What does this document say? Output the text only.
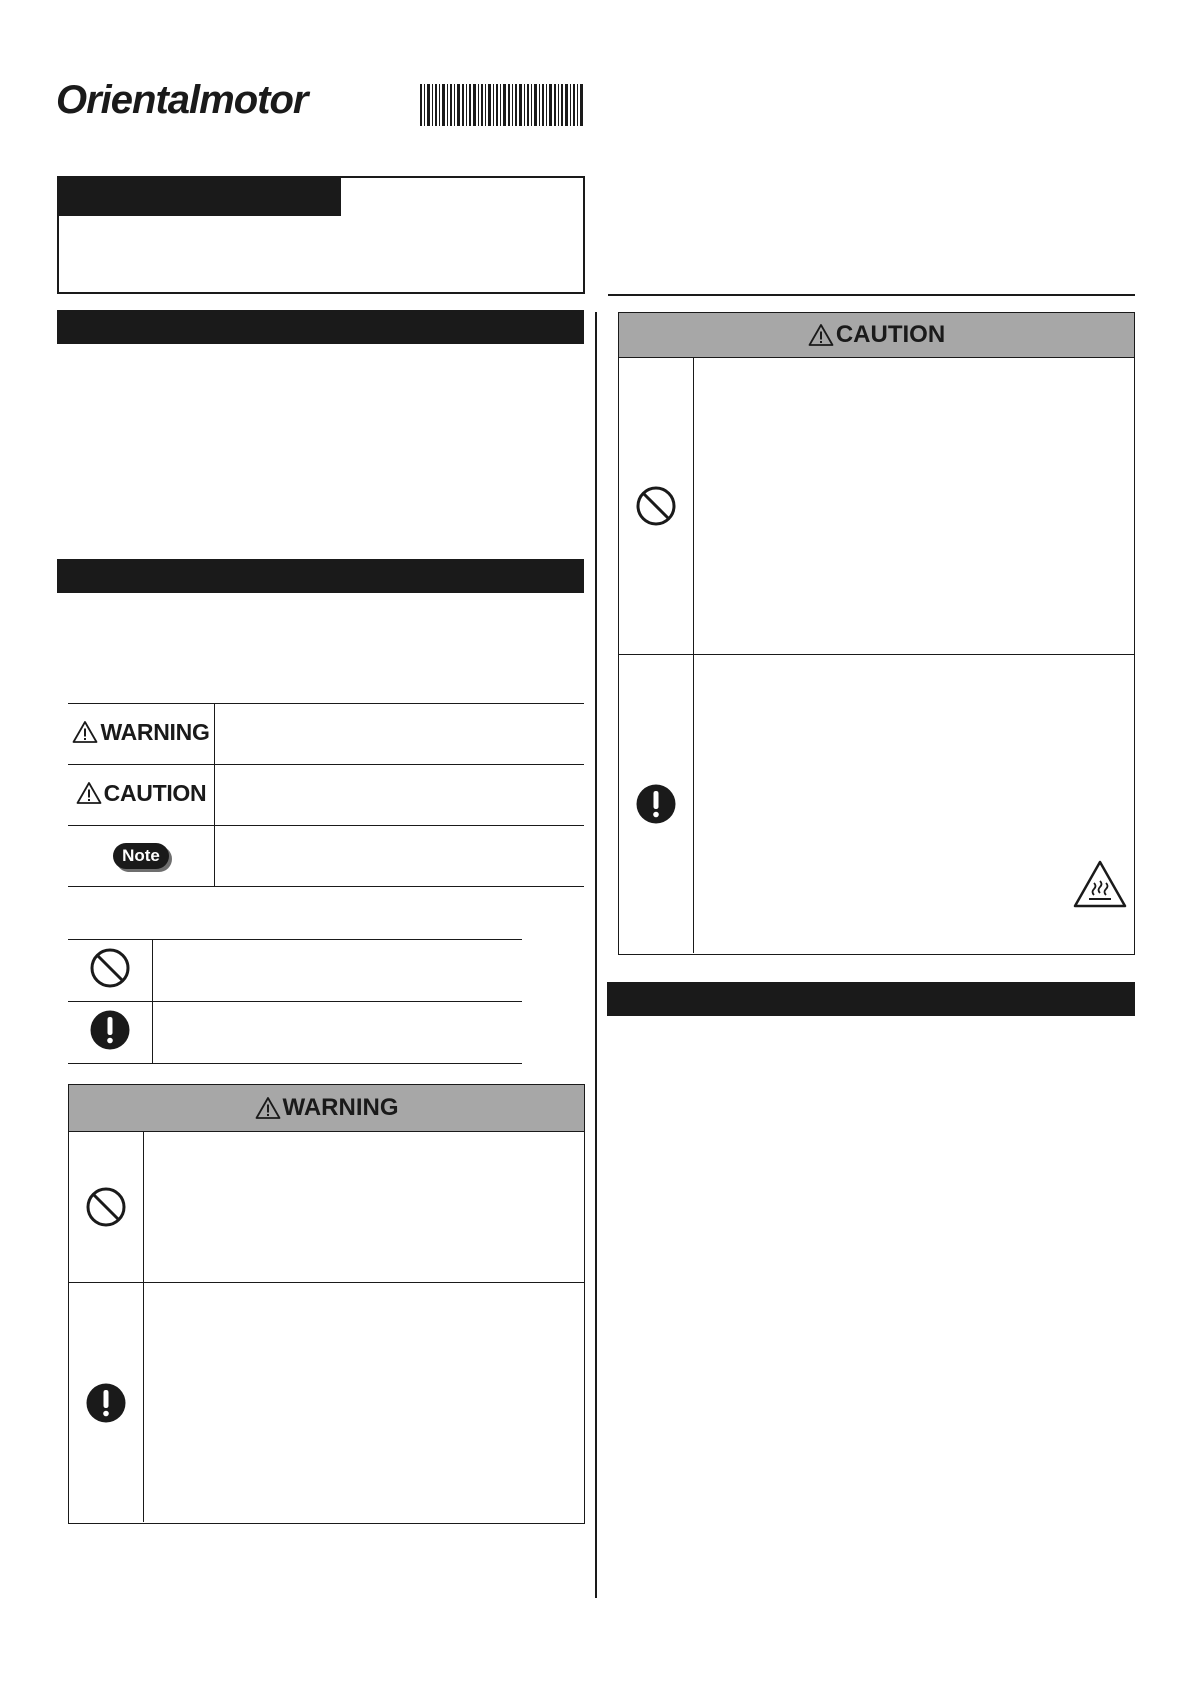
Orientalmotor
WARNING	

CAUTION	

Note	

WARNING
CAUTION
